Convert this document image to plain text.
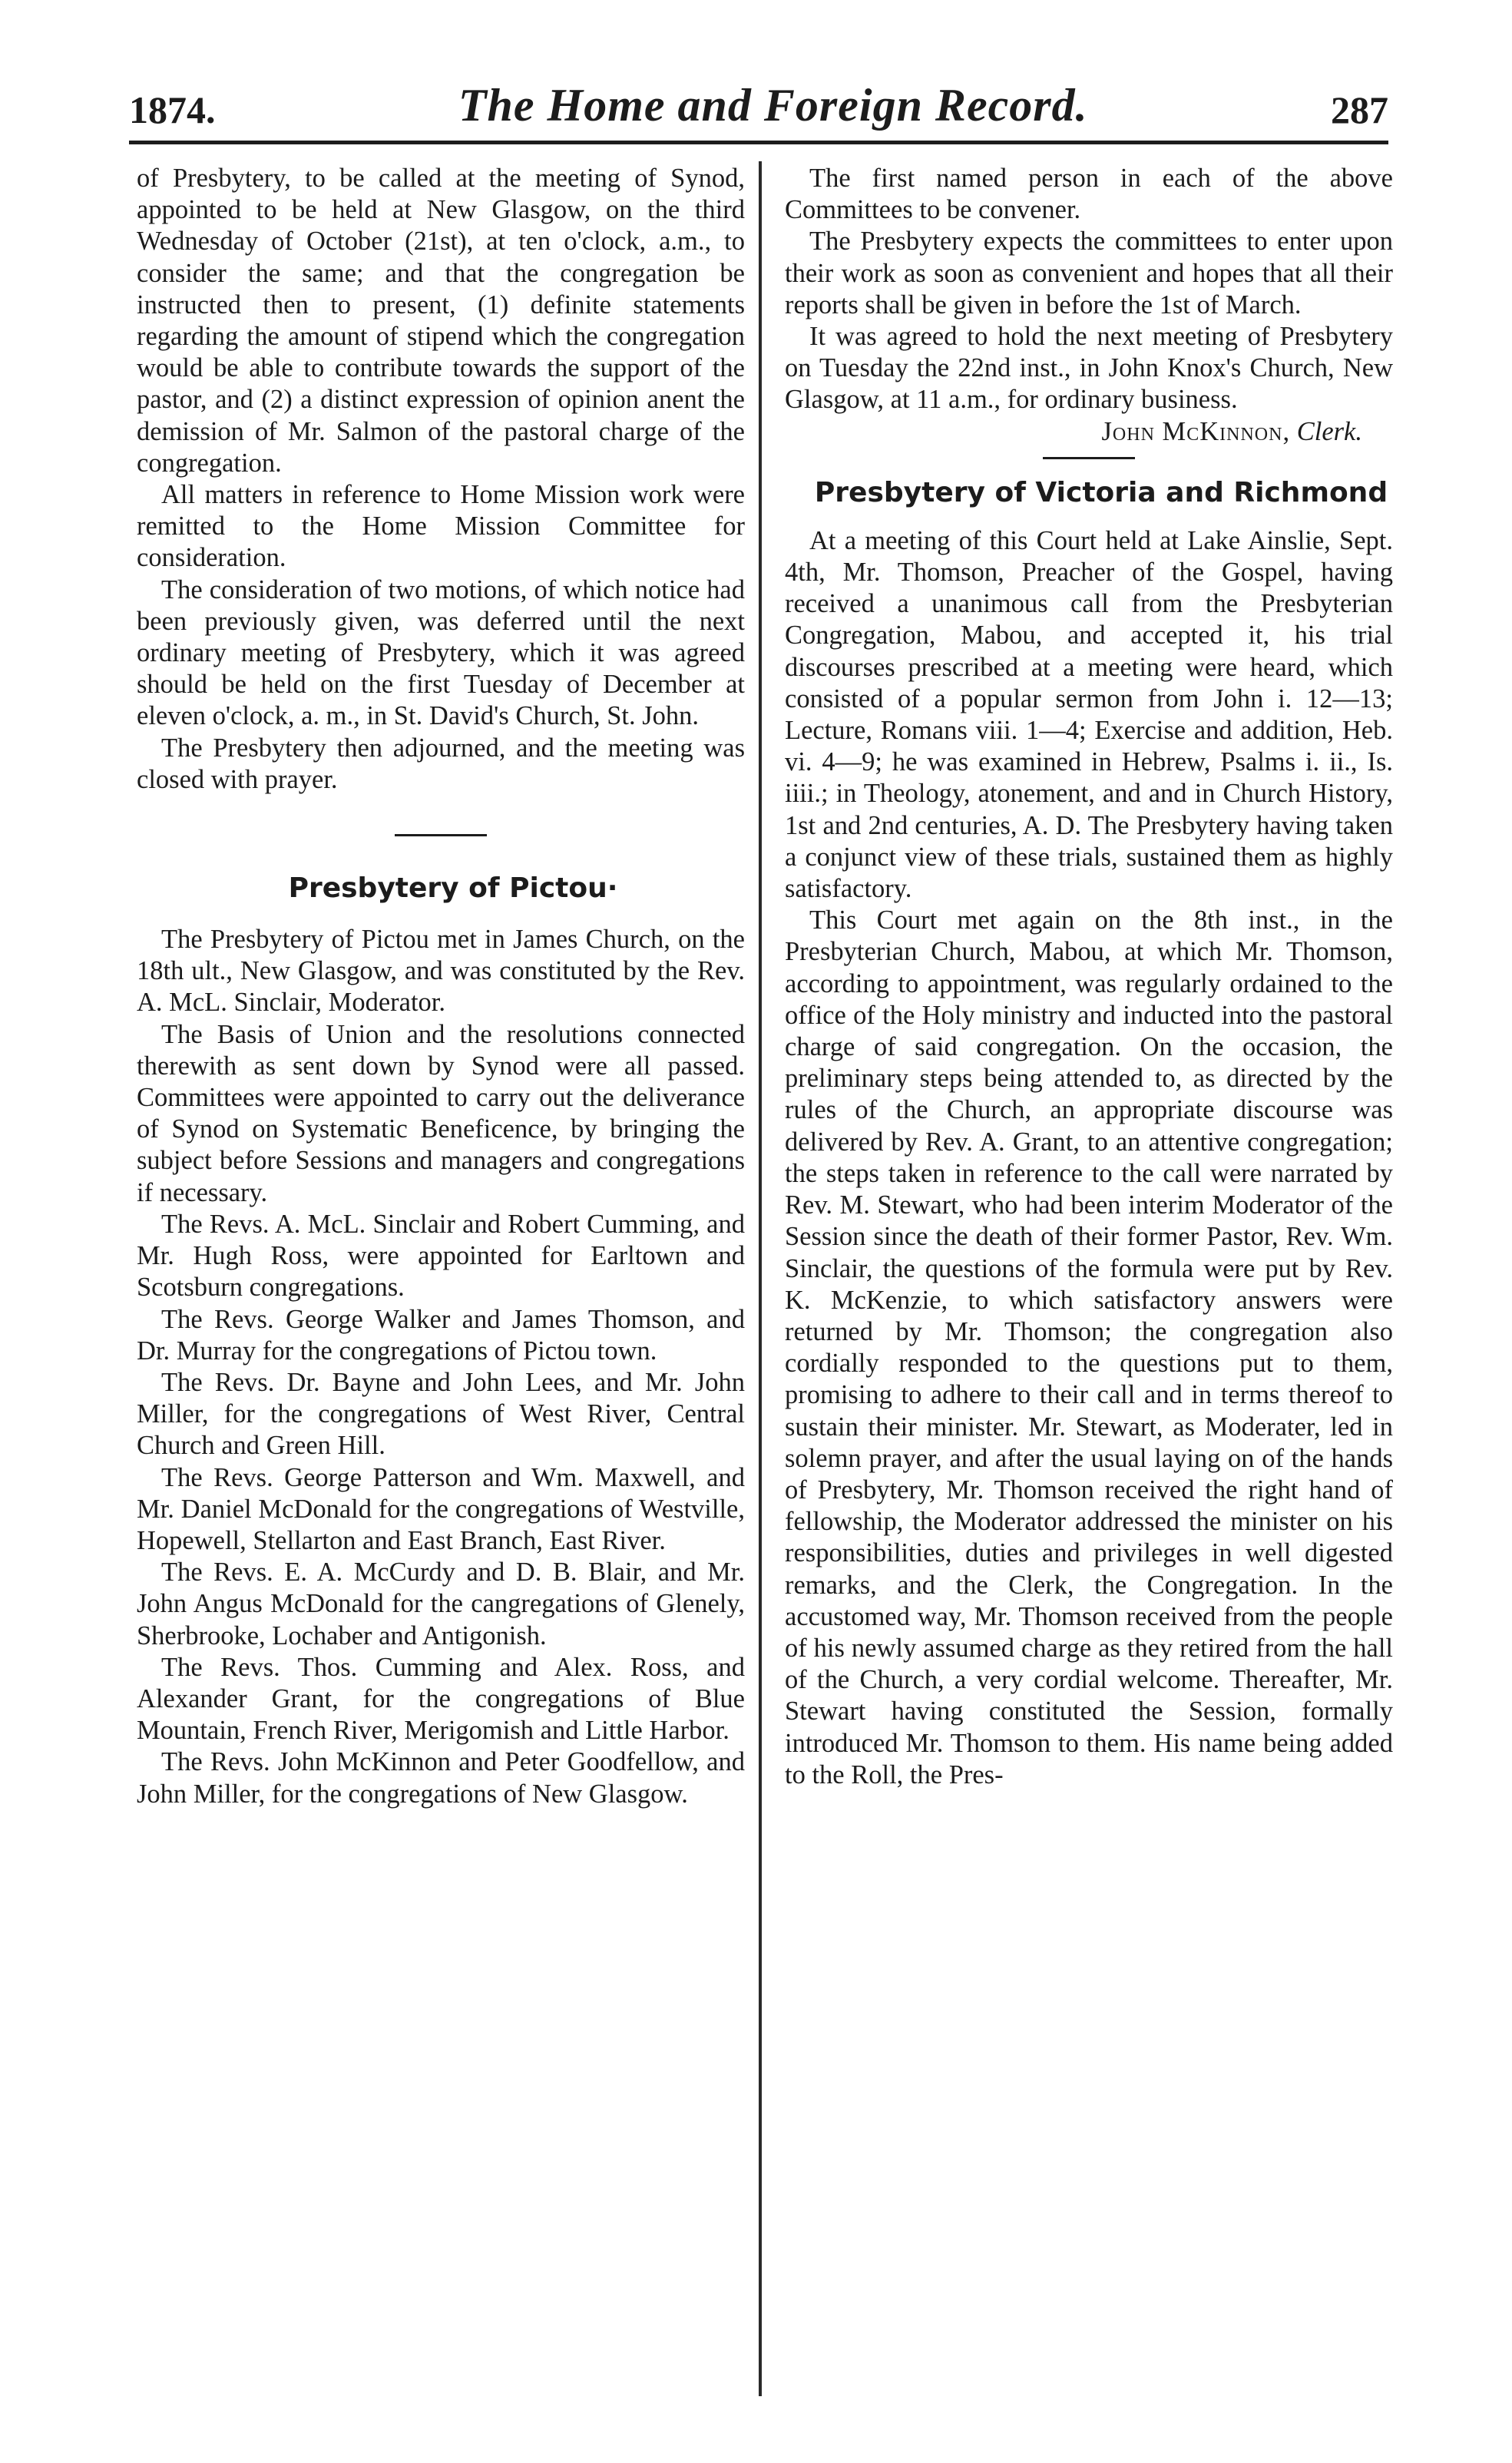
1874.	The Home and Foreign Record.	287

of Presbytery, to be called at the meeting of Synod, appointed to be held at New Glasgow, on the third Wednesday of October (21st), at ten o'clock, a.m., to consider the same; and that the congregation be instructed then to present, (1) definite statements regarding the amount of stipend which the congregation would be able to contribute towards the support of the pastor, and (2) a distinct expression of opinion anent the demission of Mr. Salmon of the pastoral charge of the congregation.

All matters in reference to Home Mission work were remitted to the Home Mission Committee for consideration.

The consideration of two motions, of which notice had been previously given, was deferred until the next ordinary meeting of Presbytery, which it was agreed should be held on the first Tuesday of December at eleven o'clock, a. m., in St. David's Church, St. John.

The Presbytery then adjourned, and the meeting was closed with prayer.

Presbytery of Pictou·

The Presbytery of Pictou met in James Church, on the 18th ult., New Glasgow, and was constituted by the Rev. A. McL. Sinclair, Moderator.

The Basis of Union and the resolutions connected therewith as sent down by Synod were all passed. Committees were appointed to carry out the deliverance of Synod on Systematic Beneficence, by bringing the subject before Sessions and managers and congregations if necessary.

The Revs. A. McL. Sinclair and Robert Cumming, and Mr. Hugh Ross, were appointed for Earltown and Scotsburn congregations.

The Revs. George Walker and James Thomson, and Dr. Murray for the congregations of Pictou town.

The Revs. Dr. Bayne and John Lees, and Mr. John Miller, for the congregations of West River, Central Church and Green Hill.

The Revs. George Patterson and Wm. Maxwell, and Mr. Daniel McDonald for the congregations of Westville, Hopewell, Stellarton and East Branch, East River.

The Revs. E. A. McCurdy and D. B. Blair, and Mr. John Angus McDonald for the cangregations of Glenely, Sherbrooke, Lochaber and Antigonish.

The Revs. Thos. Cumming and Alex. Ross, and Alexander Grant, for the congregations of Blue Mountain, French River, Merigomish and Little Harbor.

The Revs. John McKinnon and Peter Goodfellow, and John Miller, for the congregations of New Glasgow.

The first named person in each of the above Committees to be convener.

The Presbytery expects the committees to enter upon their work as soon as convenient and hopes that all their reports shall be given in before the 1st of March.

It was agreed to hold the next meeting of Presbytery on Tuesday the 22nd inst., in John Knox's Church, New Glasgow, at 11 a.m., for ordinary business.

John McKinnon, Clerk.

Presbytery of Victoria and Richmond

At a meeting of this Court held at Lake Ainslie, Sept. 4th, Mr. Thomson, Preacher of the Gospel, having received a unanimous call from the Presbyterian Congregation, Mabou, and accepted it, his trial discourses prescribed at a meeting were heard, which consisted of a popular sermon from John i. 12—13; Lecture, Romans viii. 1—4; Exercise and addition, Heb. vi. 4—9; he was examined in Hebrew, Psalms i. ii., Is. iiii.; in Theology, atonement, and and in Church History, 1st and 2nd centuries, A. D. The Presbytery having taken a conjunct view of these trials, sustained them as highly satisfactory.

This Court met again on the 8th inst., in the Presbyterian Church, Mabou, at which Mr. Thomson, according to appointment, was regularly ordained to the office of the Holy ministry and inducted into the pastoral charge of said congregation. On the occasion, the preliminary steps being attended to, as directed by the rules of the Church, an appropriate discourse was delivered by Rev. A. Grant, to an attentive congregation; the steps taken in reference to the call were narrated by Rev. M. Stewart, who had been interim Moderator of the Session since the death of their former Pastor, Rev. Wm. Sinclair, the questions of the formula were put by Rev. K. McKenzie, to which satisfactory answers were returned by Mr. Thomson; the congregation also cordially responded to the questions put to them, promising to adhere to their call and in terms thereof to sustain their minister. Mr. Stewart, as Moderater, led in solemn prayer, and after the usual laying on of the hands of Presbytery, Mr. Thomson received the right hand of fellowship, the Moderator addressed the minister on his responsibilities, duties and privileges in well digested remarks, and the Clerk, the Congregation. In the accustomed way, Mr. Thomson received from the people of his newly assumed charge as they retired from the hall of the Church, a very cordial welcome. Thereafter, Mr. Stewart having constituted the Session, formally introduced Mr. Thomson to them. His name being added to the Roll, the Pres-
